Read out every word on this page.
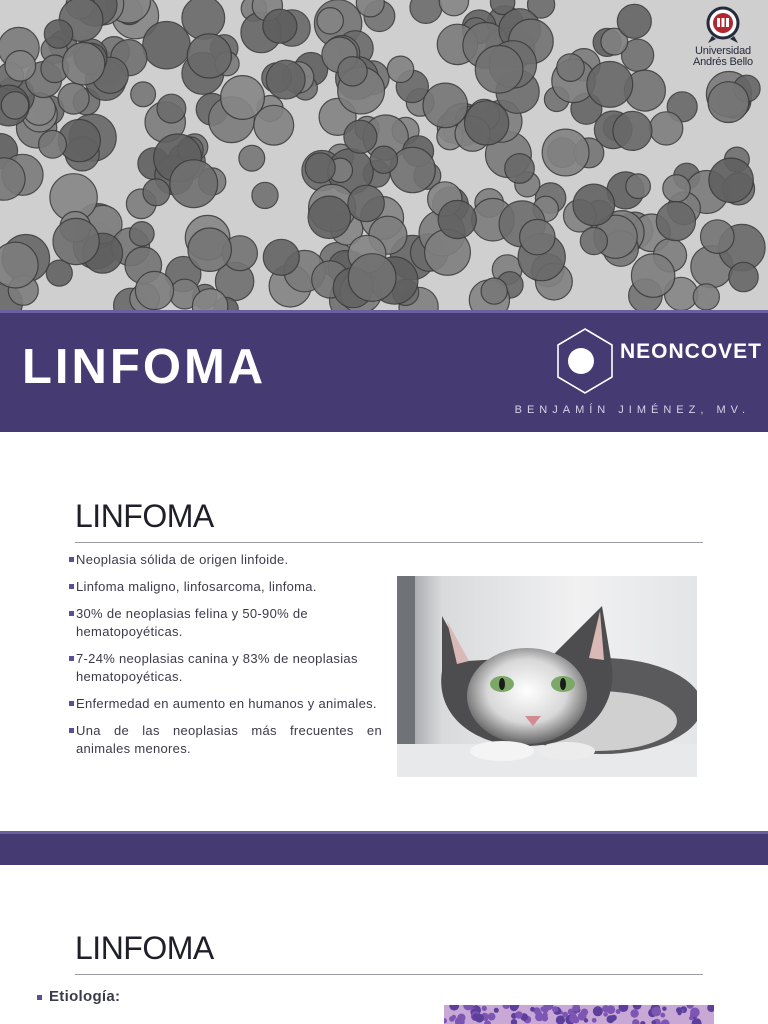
Universidad
Andrés Bello
LINFOMA	NEONCOVET
BENJAMÍN JIMÉNEZ, MV.
LINFOMA
Neoplasia sólida de origen linfoide.
Linfoma maligno, linfosarcoma, linfoma.
30% de neoplasias felina y 50-90% de hematopoyéticas.
7-24% neoplasias canina y 83% de neoplasias hematopoyéticas.
Enfermedad en aumento en humanos y animales.
Una de las neoplasias más frecuentes en animales menores.
LINFOMA
Etiología:
